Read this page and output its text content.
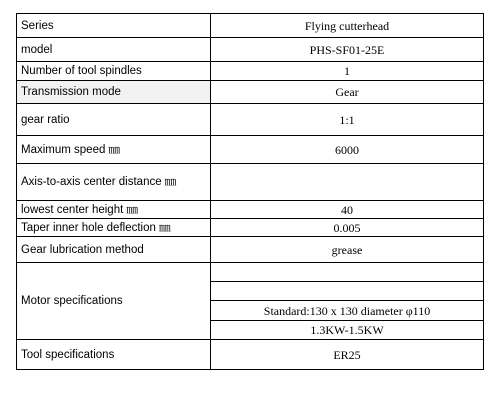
Series	Flying cutterhead
model	PHS-SF01-25E
Number of tool spindles	1
Transmission mode	Gear
gear ratio	1:1
Maximum speed ㎜	6000
Axis-to-axis center distance ㎜	
lowest center height ㎜	40
Taper inner hole deflection ㎜	0.005
Gear lubrication method	grease
Motor specifications	

	Standard:130 x 130 diameter φ110
	1.3KW-1.5KW
Tool specifications	ER25
